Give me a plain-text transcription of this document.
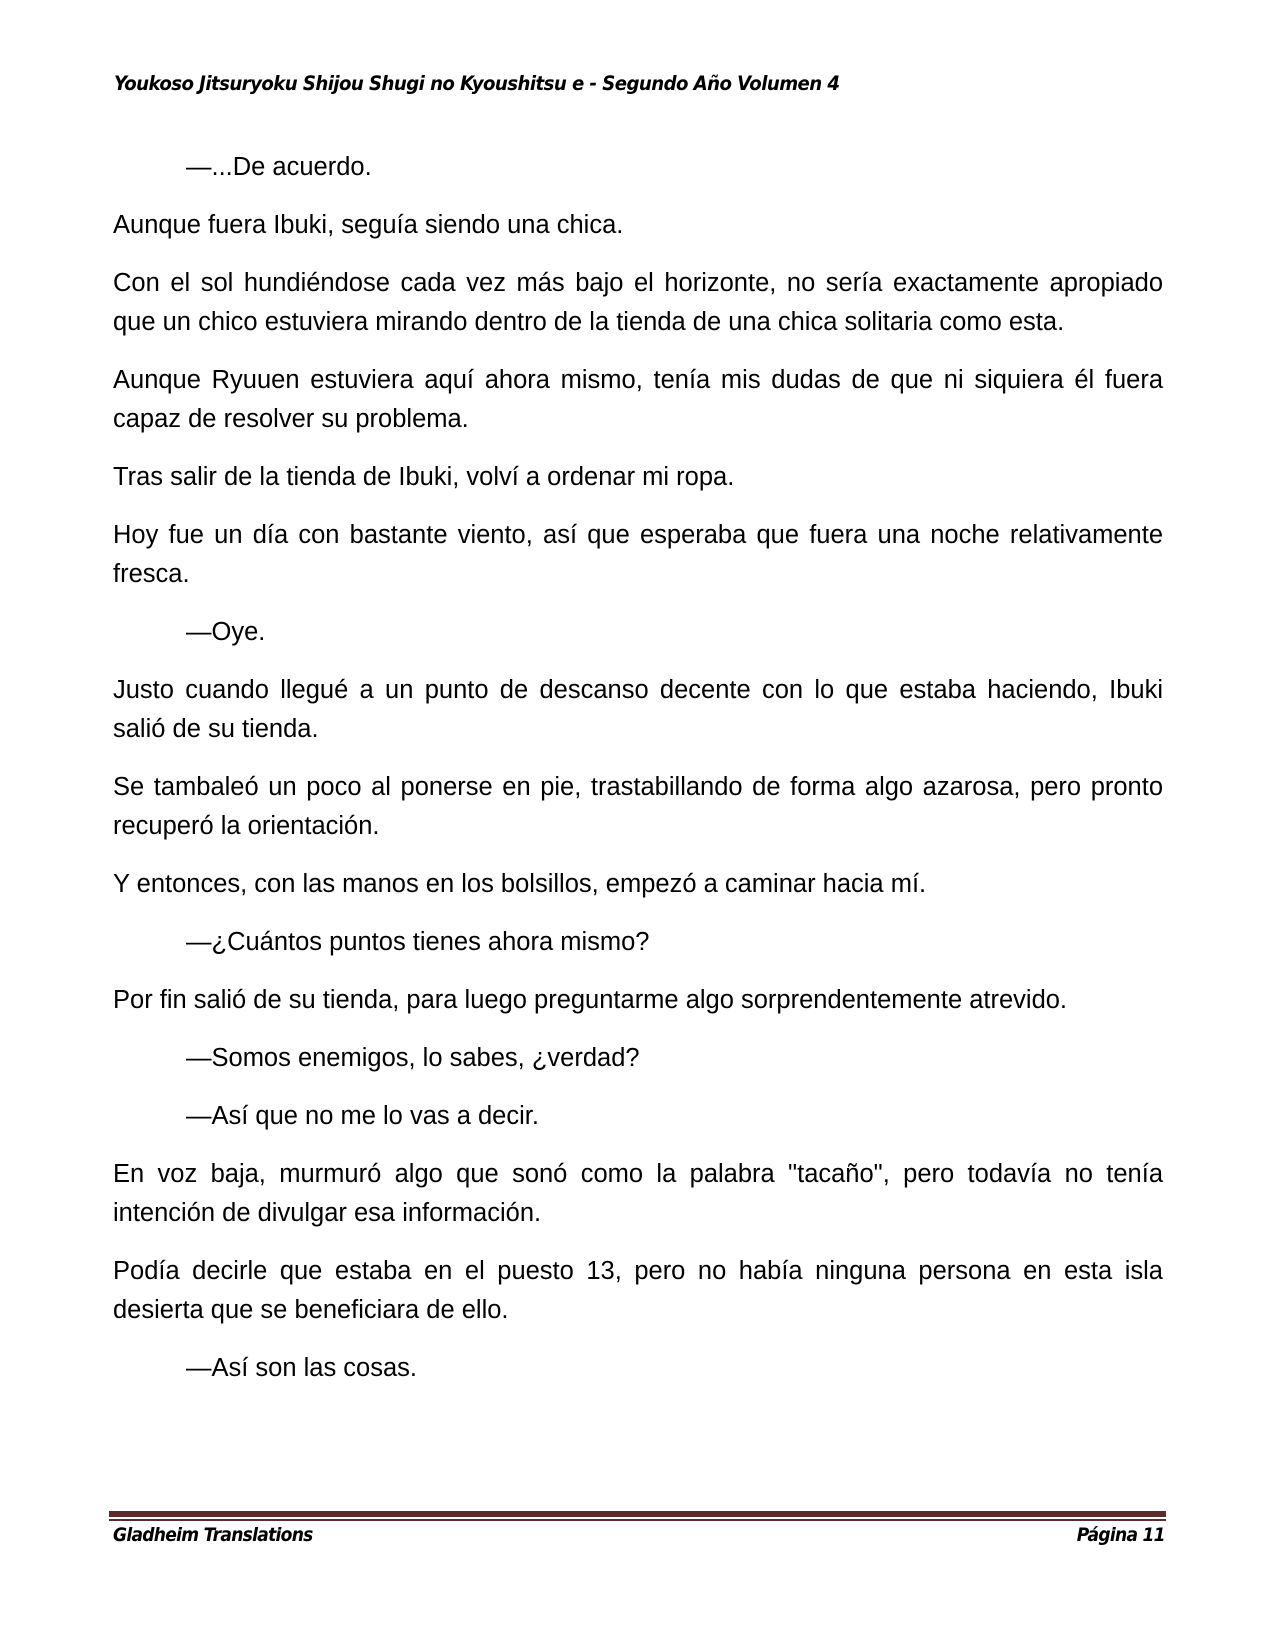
Youkoso Jitsuryoku Shijou Shugi no Kyoushitsu e - Segundo Año Volumen 4

—...De acuerdo.

Aunque fuera Ibuki, seguía siendo una chica.

Con el sol hundiéndose cada vez más bajo el horizonte, no sería exactamente apropiado que un chico estuviera mirando dentro de la tienda de una chica solitaria como esta.

Aunque Ryuuen estuviera aquí ahora mismo, tenía mis dudas de que ni siquiera él fuera capaz de resolver su problema.

Tras salir de la tienda de Ibuki, volví a ordenar mi ropa.

Hoy fue un día con bastante viento, así que esperaba que fuera una noche relativamente fresca.

—Oye.

Justo cuando llegué a un punto de descanso decente con lo que estaba haciendo, Ibuki salió de su tienda.

Se tambaleó un poco al ponerse en pie, trastabillando de forma algo azarosa, pero pronto recuperó la orientación.

Y entonces, con las manos en los bolsillos, empezó a caminar hacia mí.

—¿Cuántos puntos tienes ahora mismo?

Por fin salió de su tienda, para luego preguntarme algo sorprendentemente atrevido.

—Somos enemigos, lo sabes, ¿verdad?

—Así que no me lo vas a decir.

En voz baja, murmuró algo que sonó como la palabra "tacaño", pero todavía no tenía intención de divulgar esa información.

Podía decirle que estaba en el puesto 13, pero no había ninguna persona en esta isla desierta que se beneficiara de ello.

—Así son las cosas.

Gladheim Translations	Página 11
